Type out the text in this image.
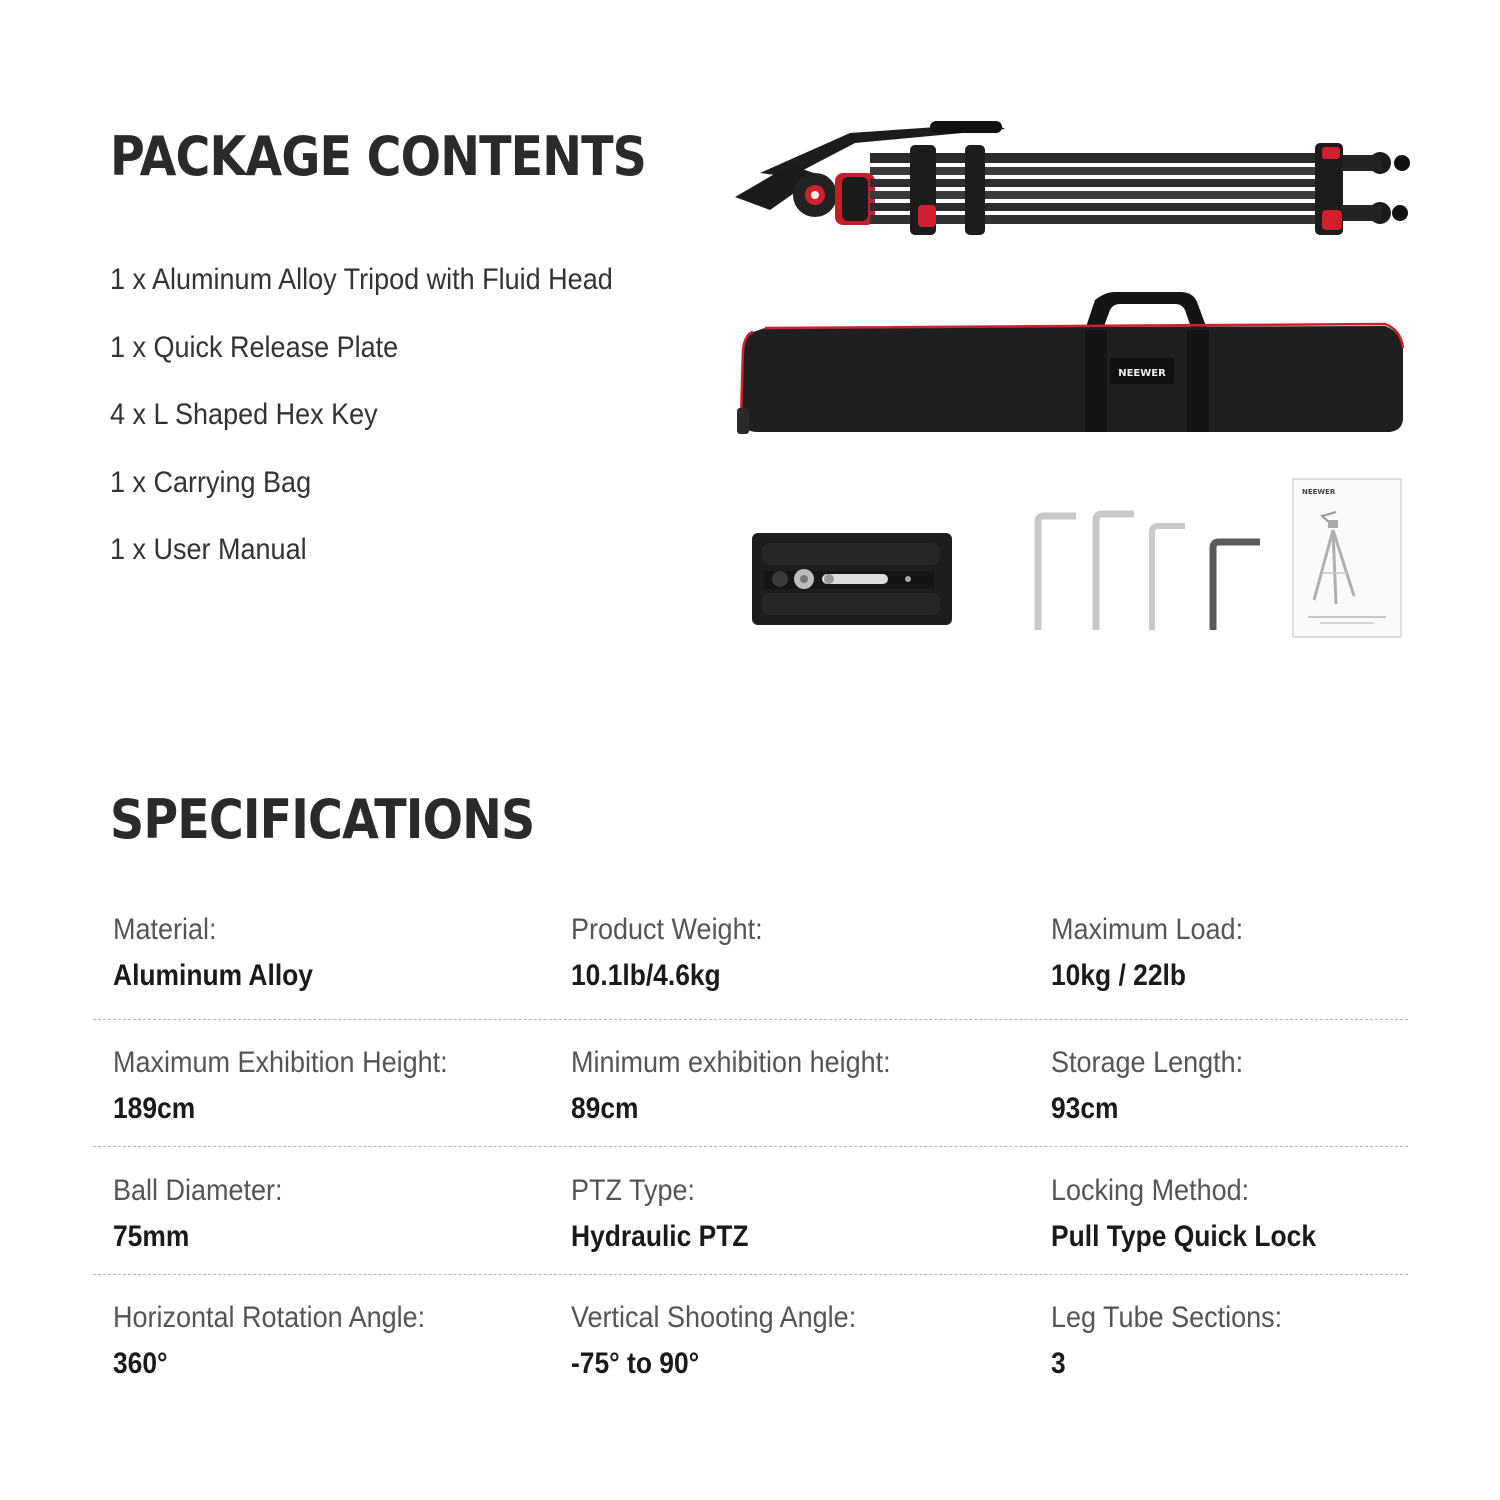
PACKAGE CONTENTS
1 x Aluminum Alloy Tripod with Fluid Head
1 x Quick Release Plate
4 x L Shaped Hex Key
1 x Carrying Bag
1 x User Manual
NEEWER
NEEWER
SPECIFICATIONS
Material:
Aluminum Alloy
Product Weight:
10.1lb/4.6kg
Maximum Load:
10kg / 22lb
Maximum Exhibition Height:
189cm
Minimum exhibition height:
89cm
Storage Length:
93cm
Ball Diameter:
75mm
PTZ Type:
Hydraulic PTZ
Locking Method:
Pull Type Quick Lock
Horizontal Rotation Angle:
360°
Vertical Shooting Angle:
-75° to 90°
Leg Tube Sections:
3
